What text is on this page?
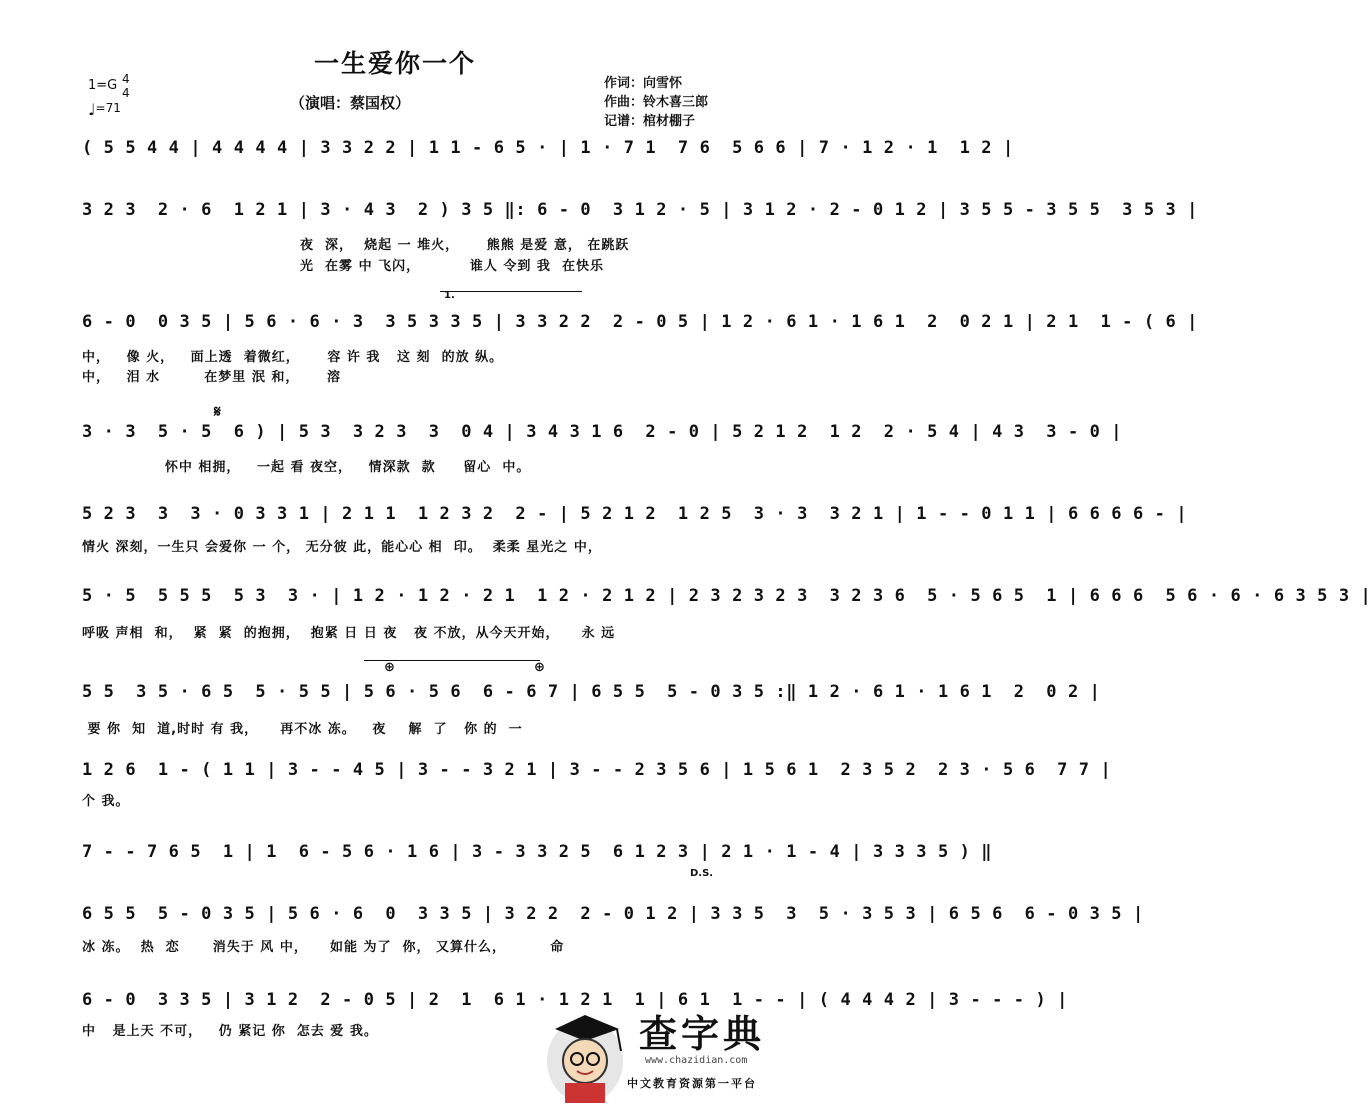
一生爱你一个
（演唱：蔡国权）
1=G 4
4
♩=71
作词：向雪怀
作曲：铃木喜三郎
记谱：棺材棚子
( 5 5 4 4 | 4 4 4 4 | 3 3 2 2 | 1 1 - 6 5 · | 1 · 7 1  7 6  5 6 6 | 7 · 1 2 · 1  1 2 |
3 2 3  2 · 6  1 2 1 | 3 · 4 3  2 ) 3 5 ‖: 6 - 0  3 1 2 · 5 | 3 1 2 · 2 - 0 1 2 | 3 5 5 - 3 5 5  3 5 3 |
夜  深，  烧起 一 堆火，     熊熊 是爱 意， 在跳跃
光  在雾 中 飞闪，         谁人 令到 我  在快乐
1.
6 - 0  0 3 5 | 5 6 · 6 · 3  3 5 3 3 5 | 3 3 2 2  2 - 0 5 | 1 2 · 6 1 · 1 6 1  2  0 2 1 | 2 1  1 - ( 6 |
中，   像 火，   面上透  着微红，     容 许 我   这 刻  的放 纵。
中，   泪 水        在梦里 泯 和，     溶
𝄋
3 · 3  5 · 5  6 ) | 5 3  3 2 3  3  0 4 | 3 4 3 1 6  2 - 0 | 5 2 1 2  1 2  2 · 5 4 | 4 3  3 - 0 |
怀中 相拥，   一起 看 夜空，   情深款  款     留心  中。
5 2 3  3  3 · 0 3 3 1 | 2 1 1  1 2 3 2  2 - | 5 2 1 2  1 2 5  3 · 3  3 2 1 | 1 - - 0 1 1 | 6 6 6 6 - |
情火 深刻，一生只 会爱你 一 个， 无分彼 此，能心心 相  印。  柔柔 星光之 中，
5 · 5  5 5 5  5 3  3 · | 1 2 · 1 2 · 2 1  1 2 · 2 1 2 | 2 3 2 3 2 3  3 2 3 6  5 · 5 6 5  1 | 6 6 6  5 6 · 6 · 6 3 5 3 |
呼吸 声相  和，  紧  紧  的抱拥，  抱紧 日 日 夜   夜 不放，从今天开始，    永 远
⊕	⊕
5 5  3 5 · 6 5  5 · 5 5 | 5 6 · 5 6  6 - 6 7 | 6 5 5  5 - 0 3 5 :‖ 1 2 · 6 1 · 1 6 1  2  0 2 |
要 你  知  道,时时 有 我，    再不冰 冻。   夜    解  了   你 的  一
1 2 6  1 - ( 1 1 | 3 - - 4 5 | 3 - - 3 2 1 | 3 - - 2 3 5 6 | 1 5 6 1  2 3 5 2  2 3 · 5 6  7 7 |
个 我。
7 - - 7 6 5  1 | 1  6 - 5 6 · 1 6 | 3 - 3 3 2 5  6 1 2 3 | 2 1 · 1 - 4 | 3 3 3 5 ) ‖
D.S.
6 5 5  5 - 0 3 5 | 5 6 · 6  0  3 3 5 | 3 2 2  2 - 0 1 2 | 3 3 5  3  5 · 3 5 3 | 6 5 6  6 - 0 3 5 |
冰 冻。  热  恋      消失于 风 中，    如能 为了  你， 又算什么，        命
6 - 0  3 3 5 | 3 1 2  2 - 0 5 | 2  1  6 1 · 1 2 1  1 | 6 1  1 - - | ( 4 4 4 2 | 3 - - - ) |
中   是上天 不可，   仍 紧记 你  怎去 爱 我。	查字典
www.chazidian.com
中文教育资源第一平台
